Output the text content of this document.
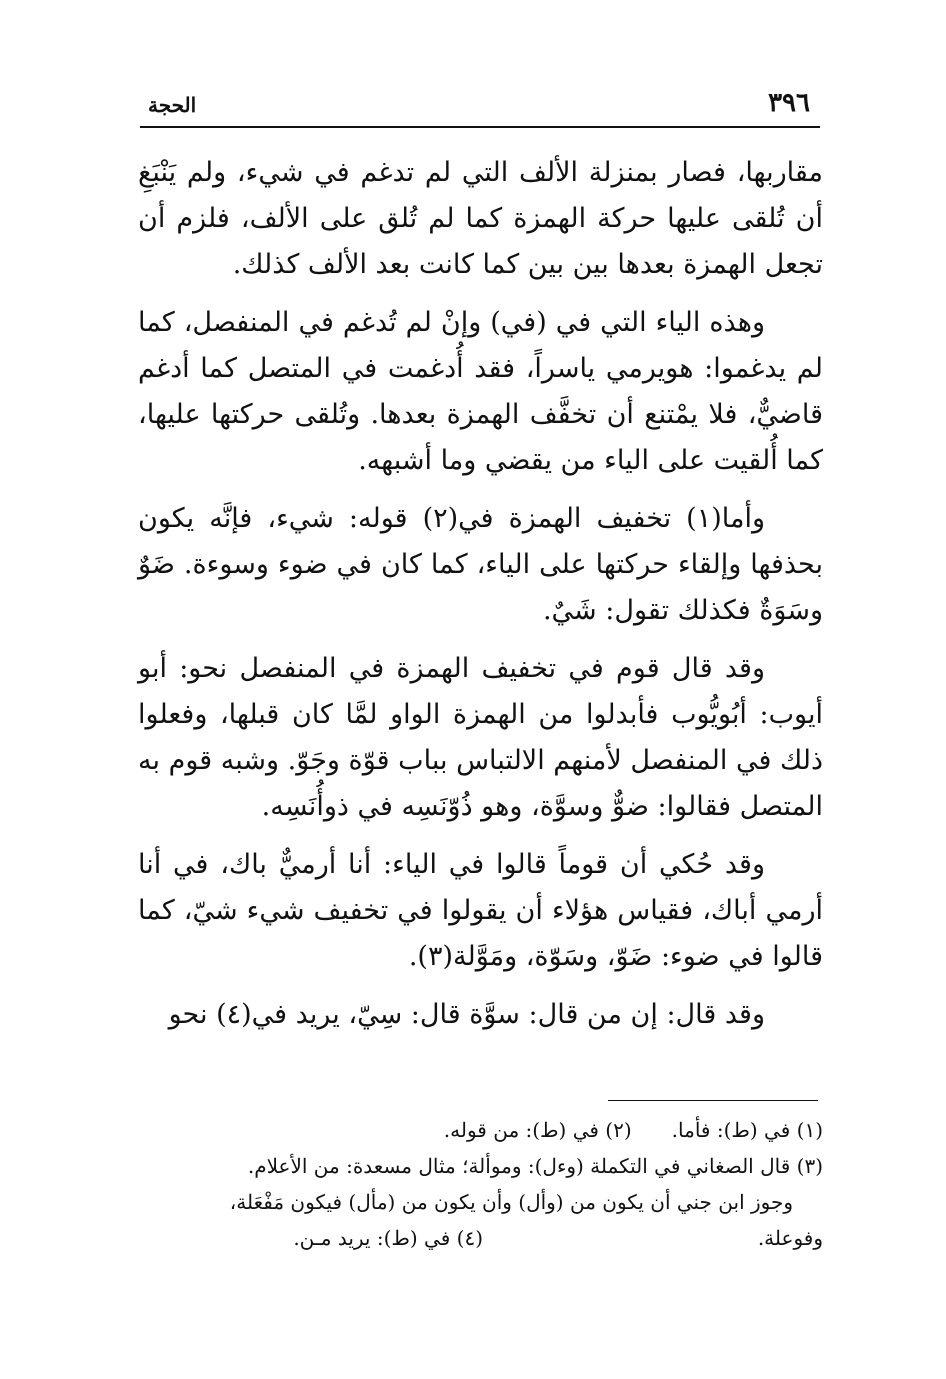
٣٩٦
الحجة

مقاربها، فصار بمنزلة الألف التي لم تدغم في شيء، ولم يَنْبَغِ أن تُلقى عليها حركة الهمزة كما لم تُلق على الألف، فلزم أن تجعل الهمزة بعدها بين بين كما كانت بعد الألف كذلك.

وهذه الياء التي في (في) وإنْ لم تُدغم في المنفصل، كما لم يدغموا: هويرمي ياسراً، فقد أُدغمت في المتصل كما أدغم قاضيٌّ، فلا يمْتنع أن تخفَّف الهمزة بعدها. وتُلقى حركتها عليها، كما أُلقيت على الياء من يقضي وما أشبهه.

وأما(١) تخفيف الهمزة في(٢) قوله: شيء، فإنَّه يكون بحذفها وإلقاء حركتها على الياء، كما كان في ضوء وسوءة. ضَوٌ وسَوَةٌ فكذلك تقول: شَيٌ.

وقد قال قوم في تخفيف الهمزة في المنفصل نحو: أبو أيوب: أبُويُّوب فأبدلوا من الهمزة الواو لمَّا كان قبلها، وفعلوا ذلك في المنفصل لأمنهم الالتباس بباب قوّة وجَوّ. وشبه قوم به المتصل فقالوا: ضوٌّ وسوَّة، وهو ذُوّنَسِه في ذوأُنَسِه.

وقد حُكي أن قوماً قالوا في الياء: أنا أرميٌّ باك، في أنا أرمي أباك، فقياس هؤلاء أن يقولوا في تخفيف شيء شيّ، كما قالوا في ضوء: ضَوّ، وسَوّة، ومَوَّلة(٣).

وقد قال: إن من قال: سوَّة قال: سِيّ، يريد في(٤) نحو

(١) في (ط): فأما.(٢) في (ط): من قوله.

(٣) قال الصغاني في التكملة (وءل): وموألة؛ مثال مسعدة: من الأعلام.

وجوز ابن جني أن يكون من (وأل) وأن يكون من (مأل) فيكون مَفْعَلة،

وفوعلة.
(٤) في (ط): يريد مـن.
